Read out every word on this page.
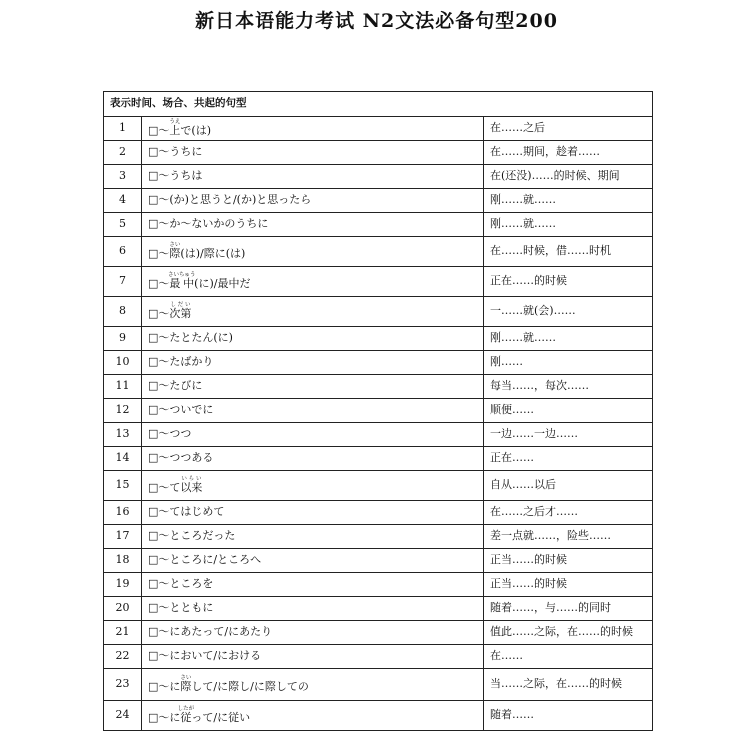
新日本语能力考试 N2文法必备句型200
表示时间、场合、共起的句型		
1	□～上うえで(は)	在……之后
2	□～うちに	在……期间，趁着……
3	□～うちは	在(还没)……的时候、期间
4	□～(か)と思うと/(か)と思ったら	刚……就……
5	□～か～ないかのうちに	刚……就……
6	□～際さい(は)/際に(は)	在……时候，借……时机
7	□～最中さいちゅう(に)/最中だ	正在……的时候
8	□～次第しだい	一……就(会)……
9	□～たとたん(に)	刚……就……
10	□～たばかり	刚……
11	□～たびに	每当……，每次……
12	□～ついでに	顺便……
13	□～つつ	一边……一边……
14	□～つつある	正在……
15	□～て以来いらい	自从……以后
16	□～てはじめて	在……之后才……
17	□～ところだった	差一点就……，险些……
18	□～ところに/ところへ	正当……的时候
19	□～ところを	正当……的时候
20	□～とともに	随着……，与……的同时
21	□～にあたって/にあたり	值此……之际，在……的时候
22	□～において/における	在……
23	□～に際さいして/に際し/に際しての	当……之际，在……的时候
24	□～に従したがって/に従い	随着……
